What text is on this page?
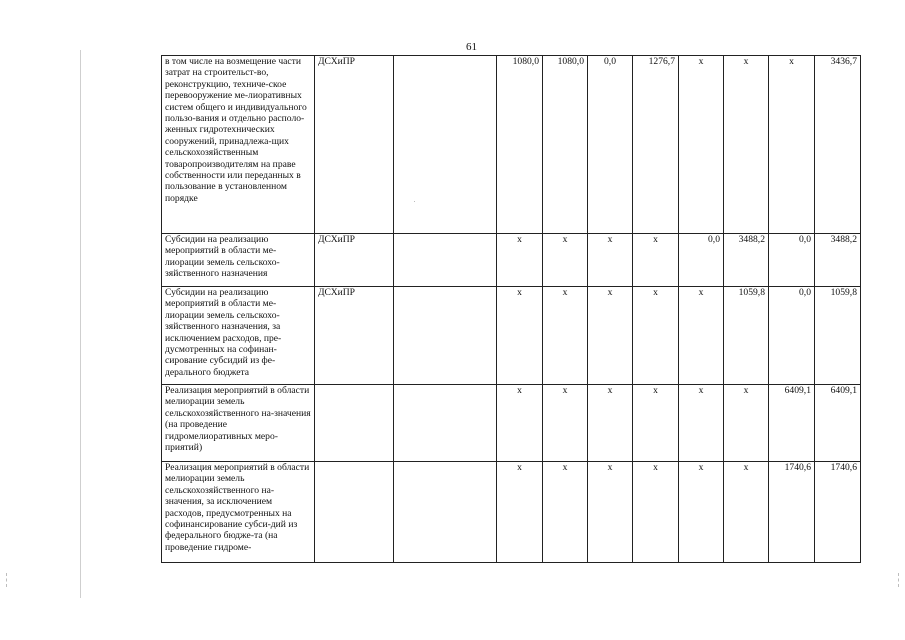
61
в том числе на возмещение части затрат на строительст-во, реконструкцию, техниче-ское перевооружение ме-лиоративных систем общего и индивидуального пользо-вания и отдельно располо-женных гидротехнических сооружений, принадлежа-щих сельскохозяйственным товаропроизводителям на праве собственности или переданных в пользование в установленном порядке	ДСХиПР		1080,0	1080,0	0,0	1276,7	х	х	х	3436,7
Субсидии на реализацию мероприятий в области ме-лиорации земель сельскохо-зяйственного назначения	ДСХиПР		х	х	х	х	0,0	3488,2	0,0	3488,2
Субсидии на реализацию мероприятий в области ме-лиорации земель сельскохо-зяйственного назначения, за исключением расходов, пре-дусмотренных на софинан-сирование субсидий из фе-дерального бюджета	ДСХиПР		х	х	х	х	х	1059,8	0,0	1059,8
Реализация мероприятий в области мелиорации земель сельскохозяйственного на-значения (на проведение гидромелиоративных меро-приятий)			х	х	х	х	х	х	6409,1	6409,1
Реализация мероприятий в области мелиорации земель сельскохозяйственного на-значения, за исключением расходов, предусмотренных на софинансирование субси-дий из федерального бюдже-та (на проведение гидроме-			х	х	х	х	х	х	1740,6	1740,6
